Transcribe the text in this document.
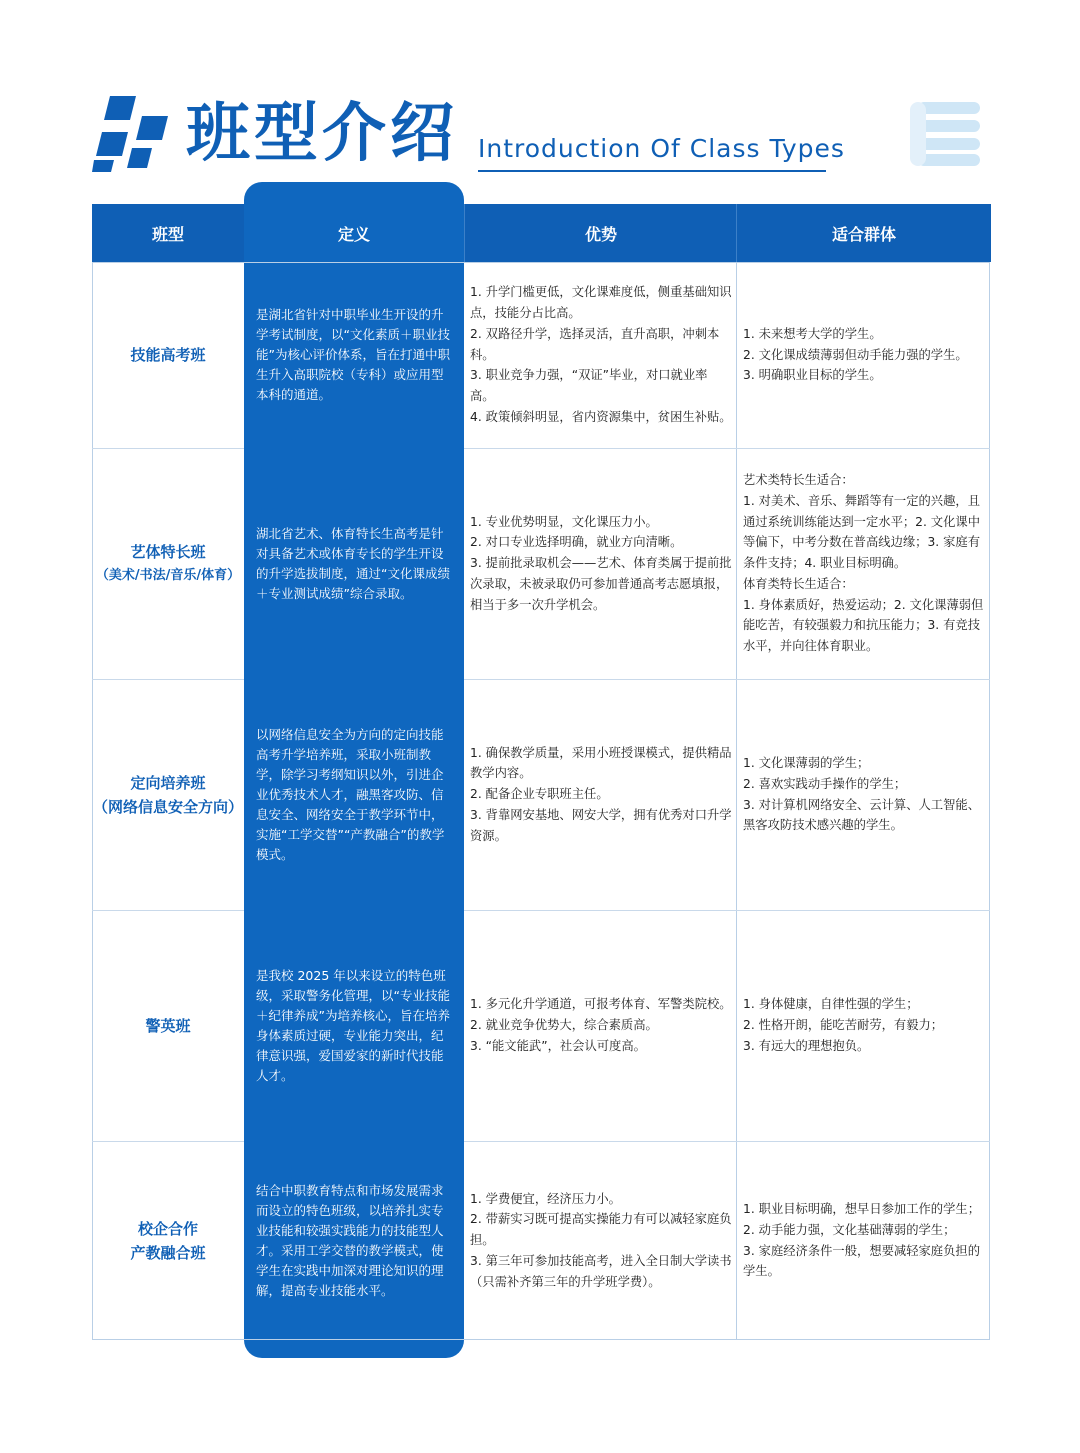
班型介绍 Introduction Of Class Types
班型	优势	适合群体
定义
技能高考班
是湖北省针对中职毕业生开设的升学考试制度，以“文化素质＋职业技能”为核心评价体系，旨在打通中职生升入高职院校（专科）或应用型本科的通道。
1. 升学门槛更低，文化课难度低，侧重基础知识点，技能分占比高。
2. 双路径升学，选择灵活，直升高职，冲刺本科。
3. 职业竞争力强，“双证”毕业，对口就业率高。
4. 政策倾斜明显，省内资源集中，贫困生补贴。
1. 未来想考大学的学生。
2. 文化课成绩薄弱但动手能力强的学生。
3. 明确职业目标的学生。
艺体特长班
（美术/书法/音乐/体育）
湖北省艺术、体育特长生高考是针对具备艺术或体育专长的学生开设的升学选拔制度，通过“文化课成绩＋专业测试成绩”综合录取。
1. 专业优势明显，文化课压力小。
2. 对口专业选择明确，就业方向清晰。
3. 提前批录取机会——艺术、体育类属于提前批次录取，未被录取仍可参加普通高考志愿填报，相当于多一次升学机会。
艺术类特长生适合：
1. 对美术、音乐、舞蹈等有一定的兴趣，且通过系统训练能达到一定水平；2. 文化课中等偏下，中考分数在普高线边缘；3. 家庭有条件支持；4. 职业目标明确。
体育类特长生适合：
1. 身体素质好，热爱运动；2. 文化课薄弱但能吃苦，有较强毅力和抗压能力；3. 有竞技水平，并向往体育职业。
定向培养班
（网络信息安全方向）
以网络信息安全为方向的定向技能高考升学培养班，采取小班制教学，除学习考纲知识以外，引进企业优秀技术人才，融黑客攻防、信息安全、网络安全于教学环节中，实施“工学交替”“产教融合”的教学模式。
1. 确保教学质量，采用小班授课模式，提供精品教学内容。
2. 配备企业专职班主任。
3. 背靠网安基地、网安大学，拥有优秀对口升学资源。
1. 文化课薄弱的学生；
2. 喜欢实践动手操作的学生；
3. 对计算机网络安全、云计算、人工智能、黑客攻防技术感兴趣的学生。
警英班
是我校 2025 年以来设立的特色班级，采取警务化管理，以“专业技能＋纪律养成”为培养核心，旨在培养身体素质过硬，专业能力突出，纪律意识强，爱国爱家的新时代技能人才。
1. 多元化升学通道，可报考体育、军警类院校。
2. 就业竞争优势大，综合素质高。
3. “能文能武”，社会认可度高。
1. 身体健康，自律性强的学生；
2. 性格开朗，能吃苦耐劳，有毅力；
3. 有远大的理想抱负。
校企合作
产教融合班
结合中职教育特点和市场发展需求而设立的特色班级，以培养扎实专业技能和较强实践能力的技能型人才。采用工学交替的教学模式，使学生在实践中加深对理论知识的理解，提高专业技能水平。
1. 学费便宜，经济压力小。
2. 带薪实习既可提高实操能力有可以减轻家庭负担。
3. 第三年可参加技能高考，进入全日制大学读书（只需补齐第三年的升学班学费）。
1. 职业目标明确，想早日参加工作的学生；
2. 动手能力强，文化基础薄弱的学生；
3. 家庭经济条件一般，想要减轻家庭负担的学生。
